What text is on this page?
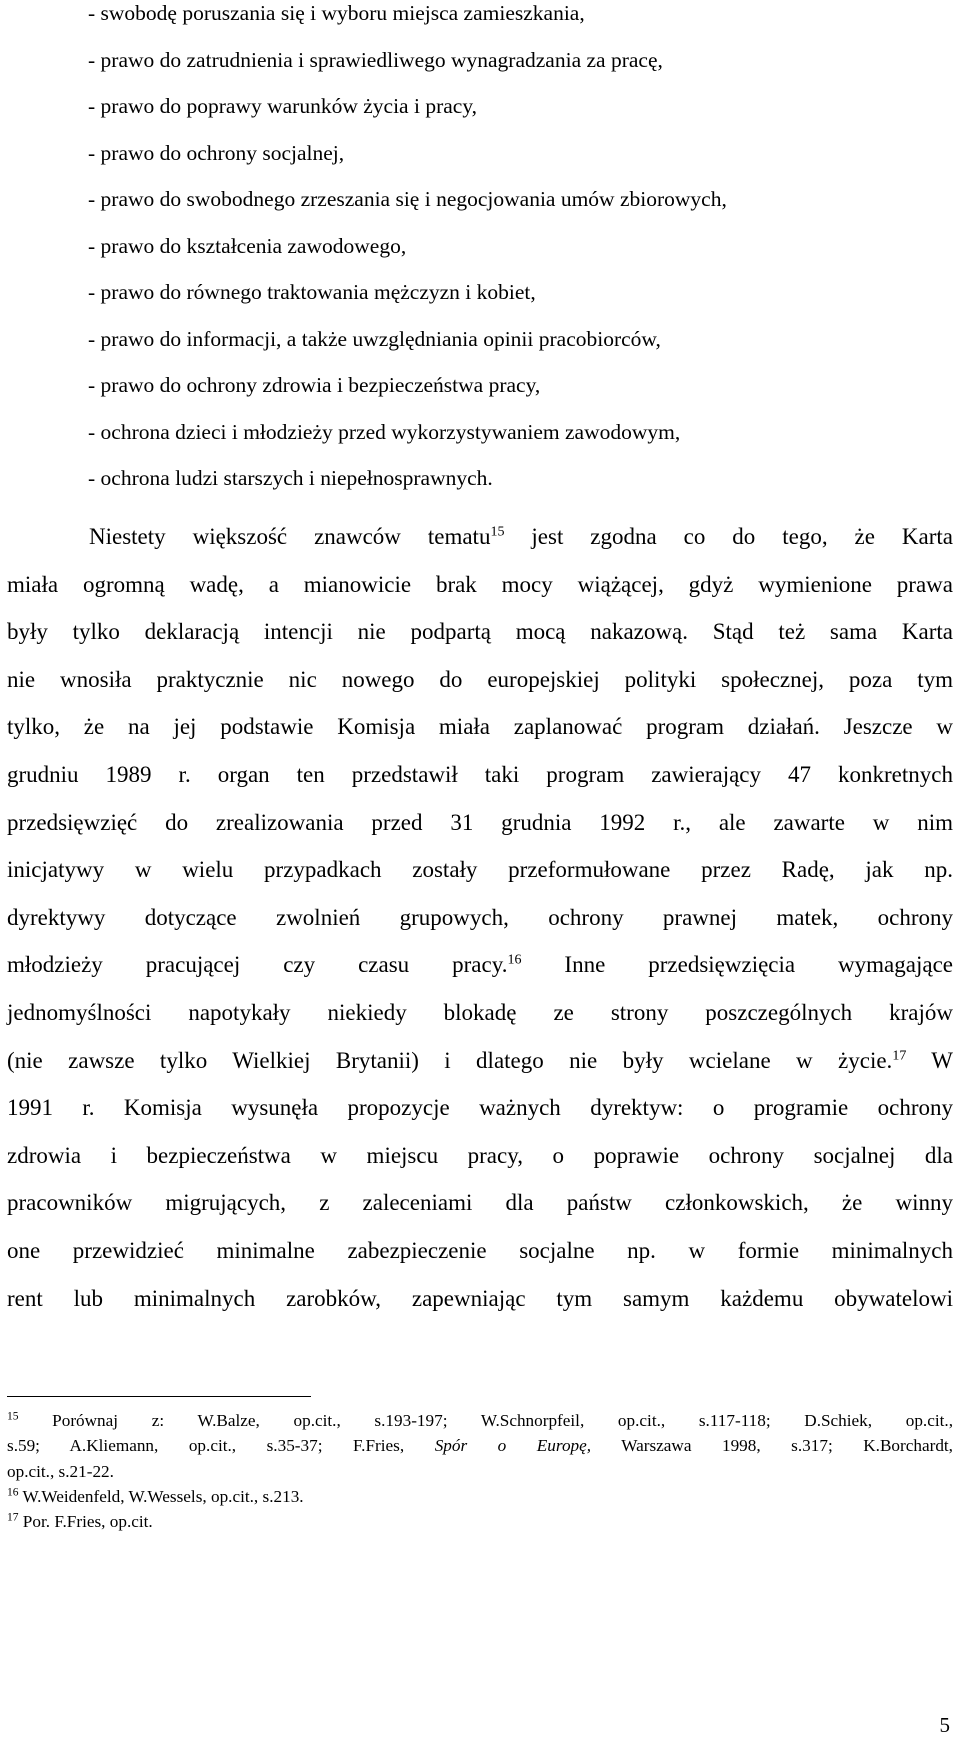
- swobodę poruszania się i wyboru miejsca zamieszkania,
- prawo do zatrudnienia i sprawiedliwego wynagradzania za pracę,
- prawo do poprawy warunków życia i pracy,
- prawo do ochrony socjalnej,
- prawo do swobodnego zrzeszania się i negocjowania umów zbiorowych,
- prawo do kształcenia zawodowego,
- prawo do równego traktowania mężczyzn i kobiet,
- prawo do informacji, a także uwzględniania opinii pracobiorców,
- prawo do ochrony zdrowia i bezpieczeństwa pracy,
- ochrona dzieci i młodzieży przed wykorzystywaniem zawodowym,
- ochrona ludzi starszych i niepełnosprawnych.
Niestety większość znawców tematu$^{15}$ jest zgodna co do tego, że Karta
miała ogromną wadę, a mianowicie brak mocy wiążącej, gdyż wymienione prawa
były tylko deklaracją intencji nie podpartą mocą nakazową. Stąd też sama Karta
nie wnosiła praktycznie nic nowego do europejskiej polityki społecznej, poza tym
tylko, że na jej podstawie Komisja miała zaplanować program działań. Jeszcze w
grudniu 1989 r. organ ten przedstawił taki program zawierający 47 konkretnych
przedsięwzięć do zrealizowania przed 31 grudnia 1992 r., ale zawarte w nim
inicjatywy w wielu przypadkach zostały przeformułowane przez Radę, jak np.
dyrektywy dotyczące zwolnień grupowych, ochrony prawnej matek, ochrony
młodzieży pracującej czy czasu pracy.$^{16}$ Inne przedsięwzięcia wymagające
jednomyślności napotykały niekiedy blokadę ze strony poszczególnych krajów
(nie zawsze tylko Wielkiej Brytanii) i dlatego nie były wcielane w życie.$^{17}$ W
1991 r. Komisja wysunęła propozycje ważnych dyrektyw: o programie ochrony
zdrowia i bezpieczeństwa w miejscu pracy, o poprawie ochrony socjalnej dla
pracowników migrujących, z zaleceniami dla państw członkowskich, że winny
one przewidzieć minimalne zabezpieczenie socjalne np. w formie minimalnych
rent lub minimalnych zarobków, zapewniając tym samym każdemu obywatelowi
$^{15}$ Porównaj z: W.Balze, op.cit., s.193-197; W.Schnorpfeil, op.cit., s.117-118; D.Schiek, op.cit.,
s.59; A.Kliemann, op.cit., s.35-37; F.Fries, Spór o Europę, Warszawa 1998, s.317; K.Borchardt,
op.cit., s.21-22.
$^{16}$ W.Weidenfeld, W.Wessels, op.cit., s.213.
$^{17}$ Por. F.Fries, op.cit.
5
